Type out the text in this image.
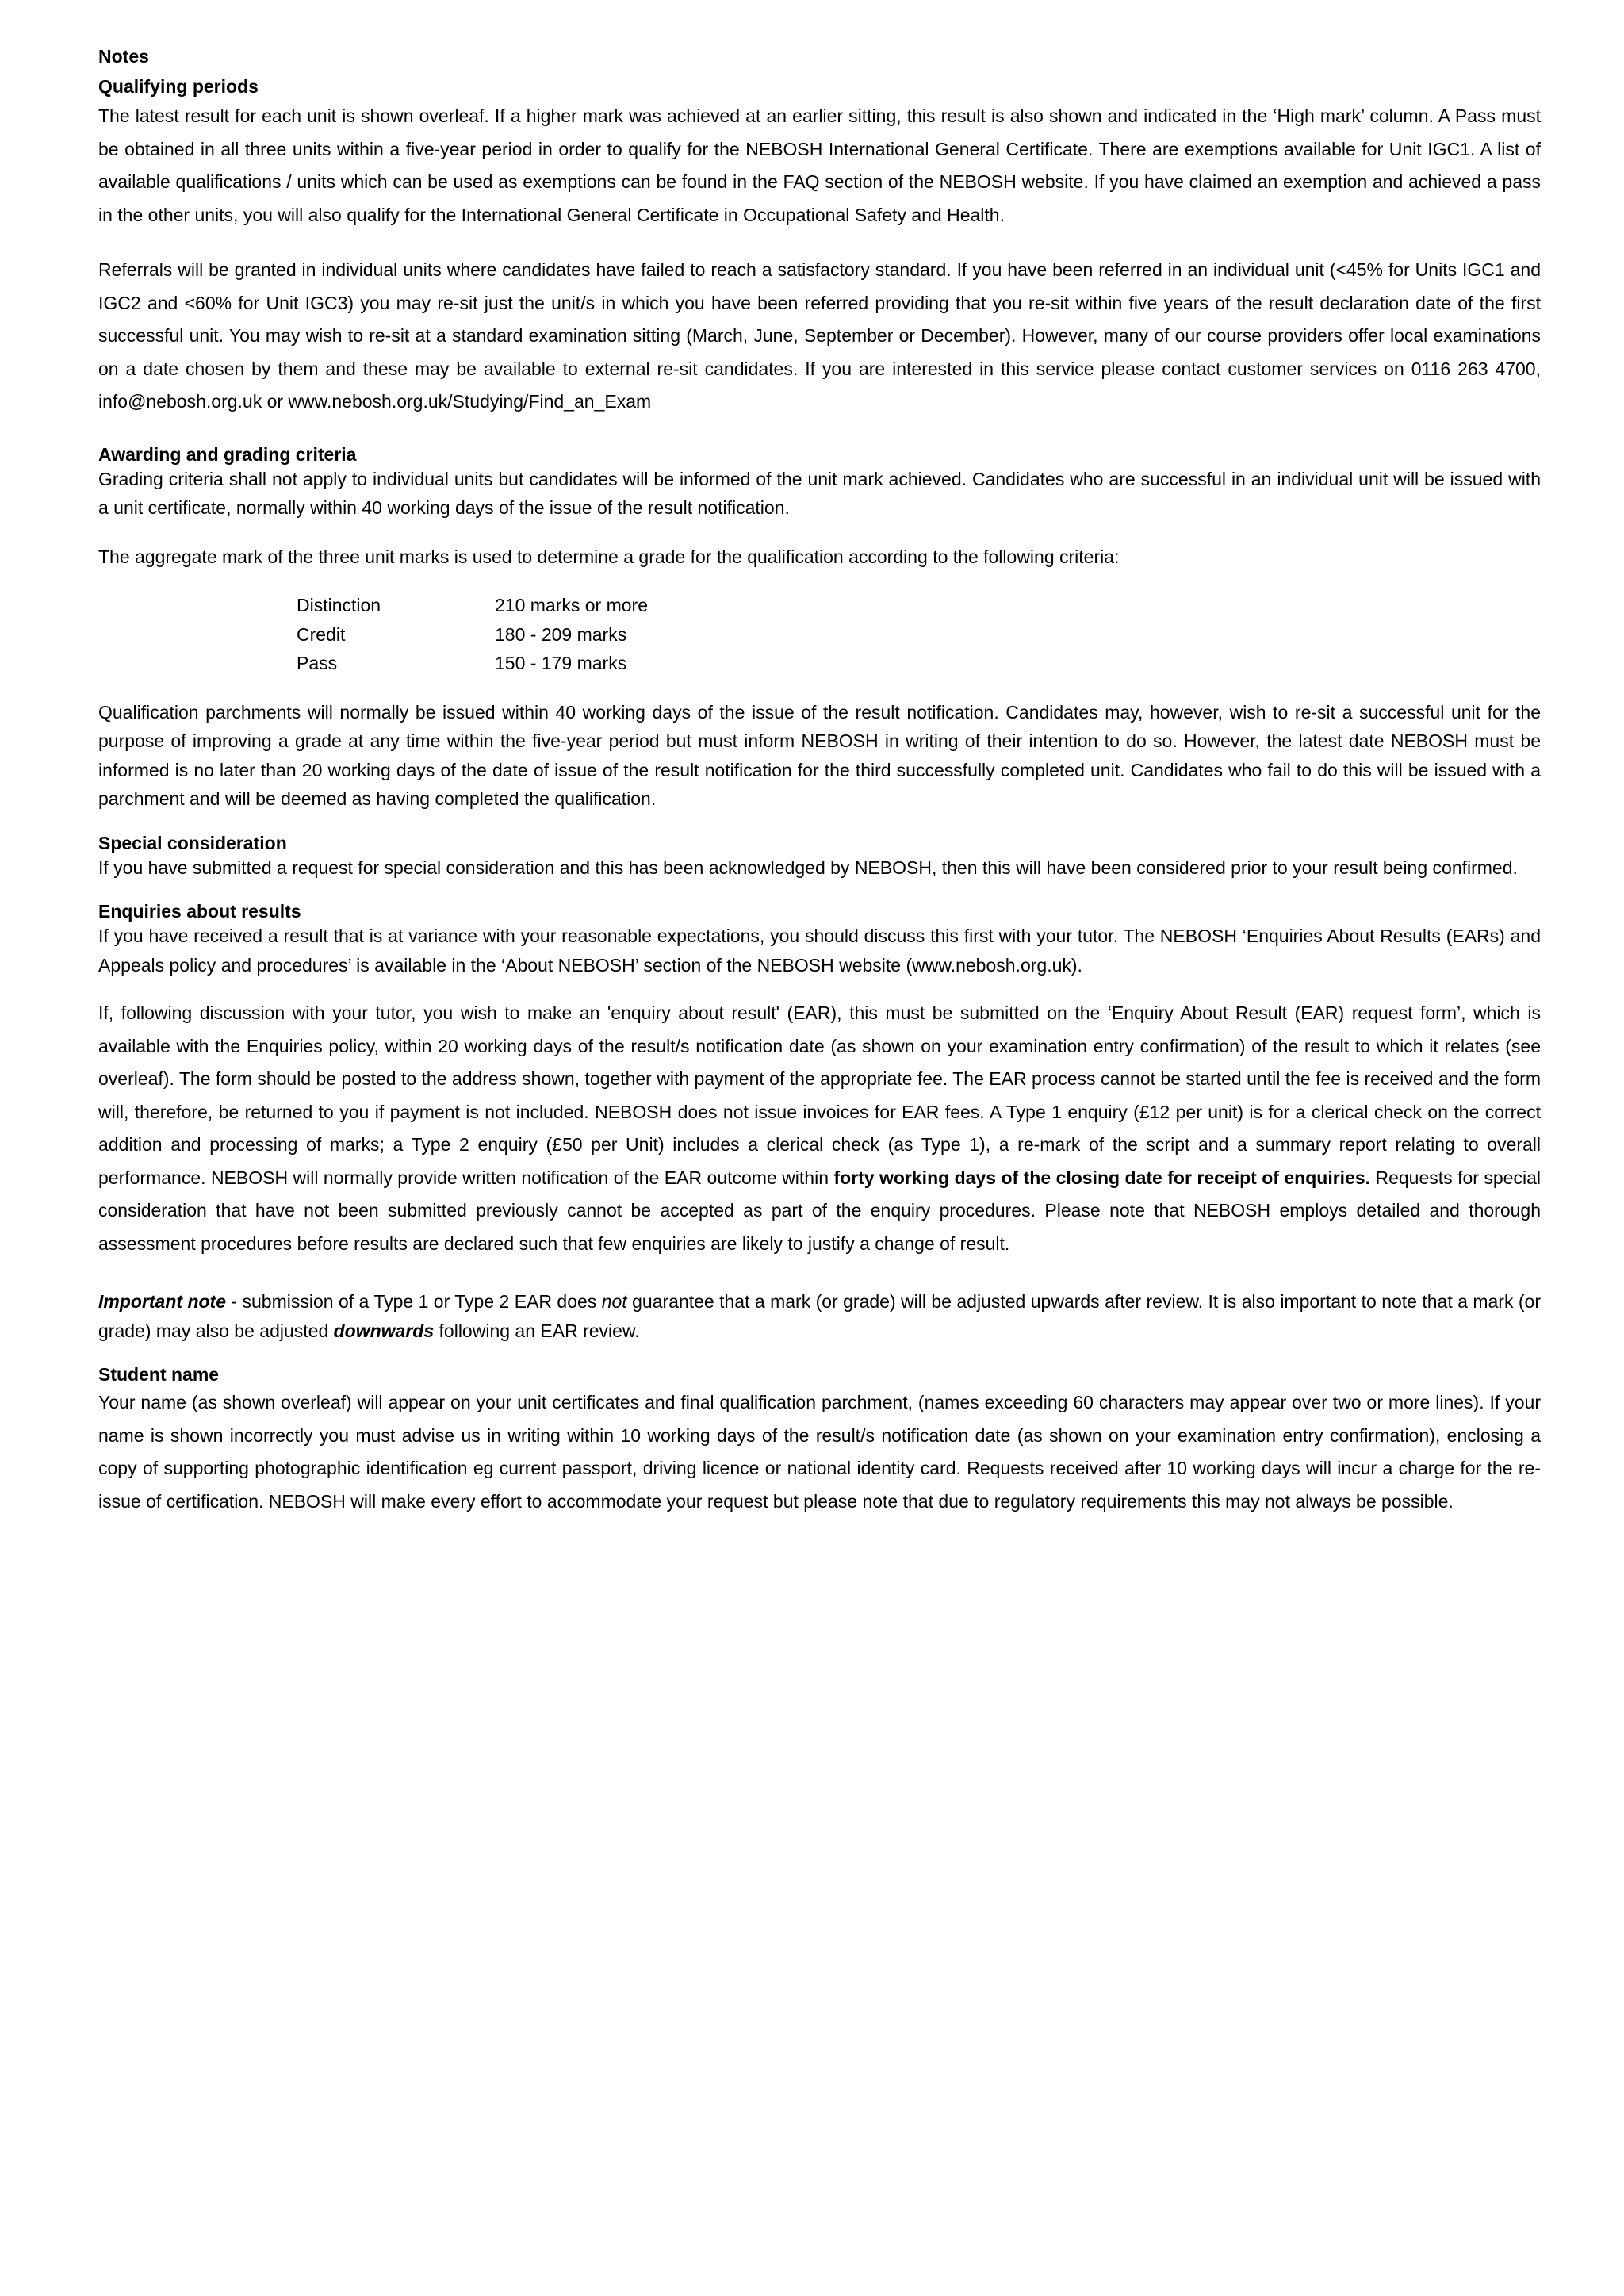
Notes
Qualifying periods

The latest result for each unit is shown overleaf. If a higher mark was achieved at an earlier sitting, this result is also shown and indicated in the ‘High mark’ column. A Pass must be obtained in all three units within a five-year period in order to qualify for the NEBOSH International General Certificate. There are exemptions available for Unit IGC1. A list of available qualifications / units which can be used as exemptions can be found in the FAQ section of the NEBOSH website. If you have claimed an exemption and achieved a pass in the other units, you will also qualify for the International General Certificate in Occupational Safety and Health.

Referrals will be granted in individual units where candidates have failed to reach a satisfactory standard. If you have been referred in an individual unit (<45% for Units IGC1 and IGC2 and <60% for Unit IGC3) you may re-sit just the unit/s in which you have been referred providing that you re-sit within five years of the result declaration date of the first successful unit. You may wish to re-sit at a standard examination sitting (March, June, September or December). However, many of our course providers offer local examinations on a date chosen by them and these may be available to external re-sit candidates. If you are interested in this service please contact customer services on 0116 263 4700, info@nebosh.org.uk or www.nebosh.org.uk/Studying/Find_an_Exam

Awarding and grading criteria

Grading criteria shall not apply to individual units but candidates will be informed of the unit mark achieved. Candidates who are successful in an individual unit will be issued with a unit certificate, normally within 40 working days of the issue of the result notification.

The aggregate mark of the three unit marks is used to determine a grade for the qualification according to the following criteria:

Distinction	210 marks or more
Credit	180 - 209 marks
Pass	150 - 179 marks

Qualification parchments will normally be issued within 40 working days of the issue of the result notification. Candidates may, however, wish to re-sit a successful unit for the purpose of improving a grade at any time within the five-year period but must inform NEBOSH in writing of their intention to do so. However, the latest date NEBOSH must be informed is no later than 20 working days of the date of issue of the result notification for the third successfully completed unit. Candidates who fail to do this will be issued with a parchment and will be deemed as having completed the qualification.

Special consideration

If you have submitted a request for special consideration and this has been acknowledged by NEBOSH, then this will have been considered prior to your result being confirmed.

Enquiries about results

If you have received a result that is at variance with your reasonable expectations, you should discuss this first with your tutor. The NEBOSH ‘Enquiries About Results (EARs) and Appeals policy and procedures’ is available in the ‘About NEBOSH’ section of the NEBOSH website (www.nebosh.org.uk).

If, following discussion with your tutor, you wish to make an 'enquiry about result' (EAR), this must be submitted on the ‘Enquiry About Result (EAR) request form’, which is available with the Enquiries policy, within 20 working days of the result/s notification date (as shown on your examination entry confirmation) of the result to which it relates (see overleaf). The form should be posted to the address shown, together with payment of the appropriate fee. The EAR process cannot be started until the fee is received and the form will, therefore, be returned to you if payment is not included. NEBOSH does not issue invoices for EAR fees. A Type 1 enquiry (£12 per unit) is for a clerical check on the correct addition and processing of marks; a Type 2 enquiry (£50 per Unit) includes a clerical check (as Type 1), a re-mark of the script and a summary report relating to overall performance. NEBOSH will normally provide written notification of the EAR outcome within forty working days of the closing date for receipt of enquiries. Requests for special consideration that have not been submitted previously cannot be accepted as part of the enquiry procedures. Please note that NEBOSH employs detailed and thorough assessment procedures before results are declared such that few enquiries are likely to justify a change of result.

Important note - submission of a Type 1 or Type 2 EAR does not guarantee that a mark (or grade) will be adjusted upwards after review. It is also important to note that a mark (or grade) may also be adjusted downwards following an EAR review.

Student name

Your name (as shown overleaf) will appear on your unit certificates and final qualification parchment, (names exceeding 60 characters may appear over two or more lines). If your name is shown incorrectly you must advise us in writing within 10 working days of the result/s notification date (as shown on your examination entry confirmation), enclosing a copy of supporting photographic identification eg current passport, driving licence or national identity card. Requests received after 10 working days will incur a charge for the re-issue of certification. NEBOSH will make every effort to accommodate your request but please note that due to regulatory requirements this may not always be possible.
